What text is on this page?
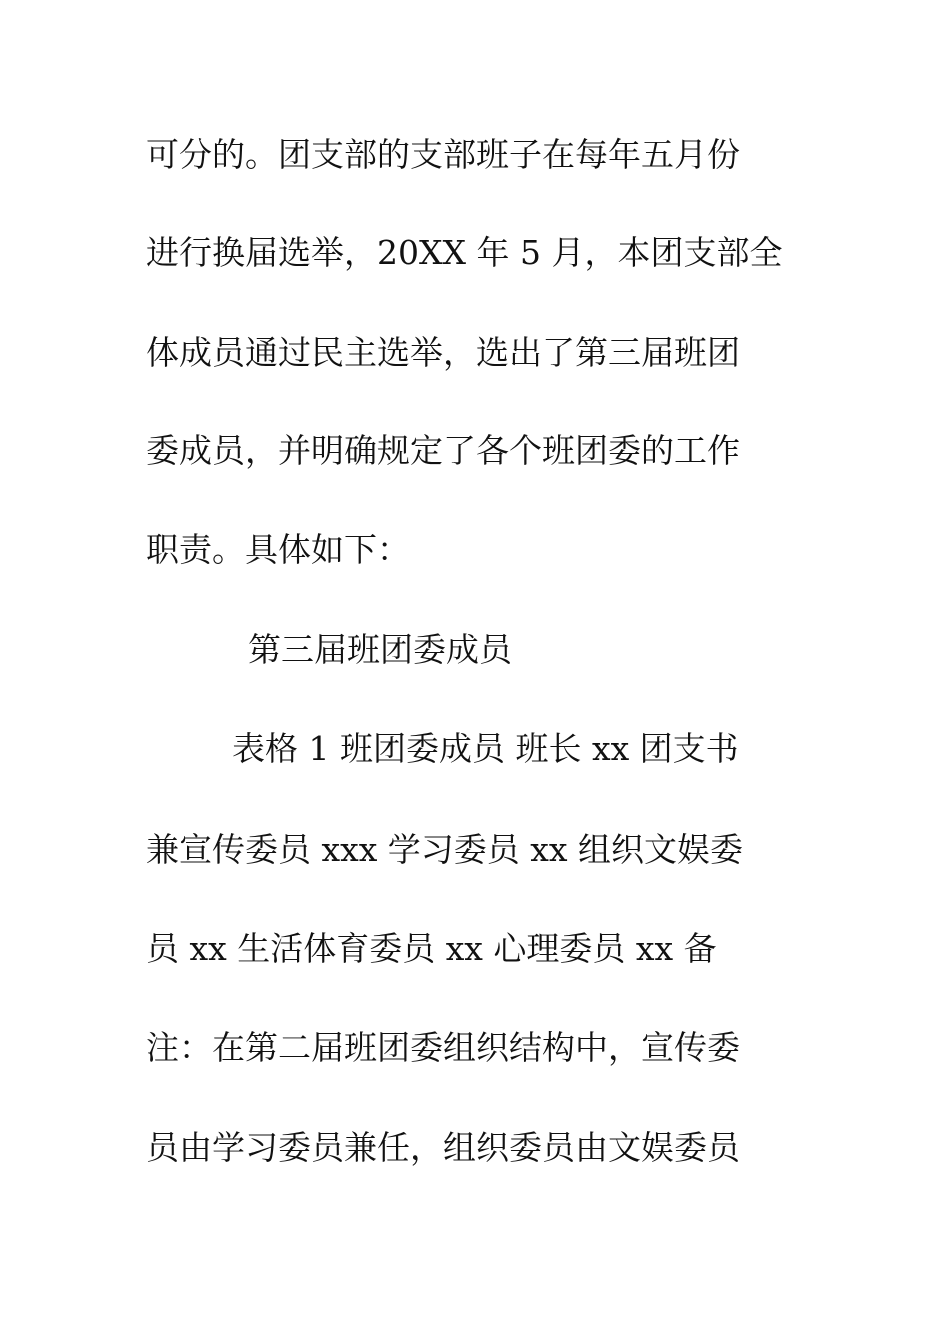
可分的。团支部的支部班子在每年五月份
进行换届选举，20XX 年 5 月，本团支部全
体成员通过民主选举，选出了第三届班团
委成员，并明确规定了各个班团委的工作
职责。具体如下：
第三届班团委成员
表格 1 班团委成员 班长 xx 团支书
兼宣传委员 xxx 学习委员 xx 组织文娱委
员 xx 生活体育委员 xx 心理委员 xx 备
注：在第二届班团委组织结构中，宣传委
员由学习委员兼任，组织委员由文娱委员
